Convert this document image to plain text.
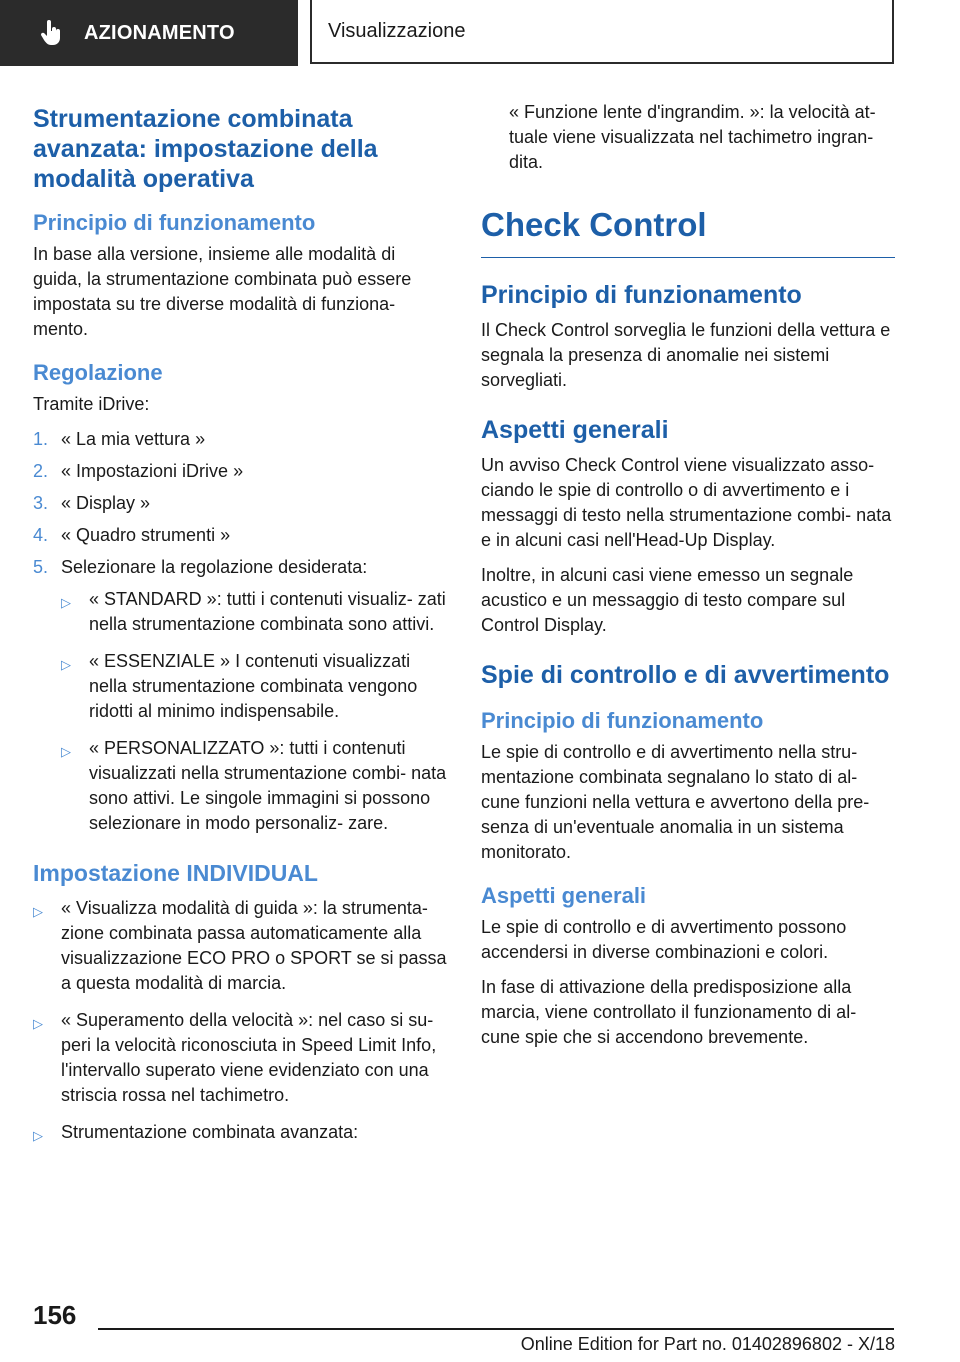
AZIONAMENTO	Visualizzazione
Strumentazione combinata avanzata: impostazione della modalità operativa
Principio di funzionamento

In base alla versione, insieme alle modalità di guida, la strumentazione combinata può essere impostata su tre diverse modalità di funziona‐ mento.

Regolazione

Tramite iDrive:

1. « La mia vettura »
2. « Impostazioni iDrive »
3. « Display »
4. « Quadro strumenti »
5. Selezionare la regolazione desiderata:
▷	« STANDARD »: tutti i contenuti visualiz‐ zati nella strumentazione combinata sono attivi.
▷	« ESSENZIALE » I contenuti visualizzati nella strumentazione combinata vengono ridotti al minimo indispensabile.
▷	« PERSONALIZZATO »: tutti i contenuti visualizzati nella strumentazione combi‐ nata sono attivi. Le singole immagini si possono selezionare in modo personaliz‐ zare.
Impostazione INDIVIDUAL
▷	« Visualizza modalità di guida »: la strumenta‐ zione combinata passa automaticamente alla visualizzazione ECO PRO o SPORT se si passa a questa modalità di marcia.
▷	« Superamento della velocità »: nel caso si su‐ peri la velocità riconosciuta in Speed Limit Info, l'intervallo superato viene evidenziato con una striscia rossa nel tachimetro.
▷	Strumentazione combinata avanzata:

« Funzione lente d'ingrandim. »: la velocità at‐ tuale viene visualizzata nel tachimetro ingran‐ dita.

Check Control
Principio di funzionamento

Il Check Control sorveglia le funzioni della vettura e segnala la presenza di anomalie nei sistemi sorvegliati.

Aspetti generali

Un avviso Check Control viene visualizzato asso‐ ciando le spie di controllo o di avvertimento e i messaggi di testo nella strumentazione combi‐ nata e in alcuni casi nell'Head-Up Display.

Inoltre, in alcuni casi viene emesso un segnale acustico e un messaggio di testo compare sul Control Display.

Spie di controllo e di avvertimento
Principio di funzionamento

Le spie di controllo e di avvertimento nella stru‐ mentazione combinata segnalano lo stato di al‐ cune funzioni nella vettura e avvertono della pre‐ senza di un'eventuale anomalia in un sistema monitorato.

Aspetti generali

Le spie di controllo e di avvertimento possono accendersi in diverse combinazioni e colori.

In fase di attivazione della predisposizione alla marcia, viene controllato il funzionamento di al‐ cune spie che si accendono brevemente.

156
Online Edition for Part no. 01402896802 - X/18
